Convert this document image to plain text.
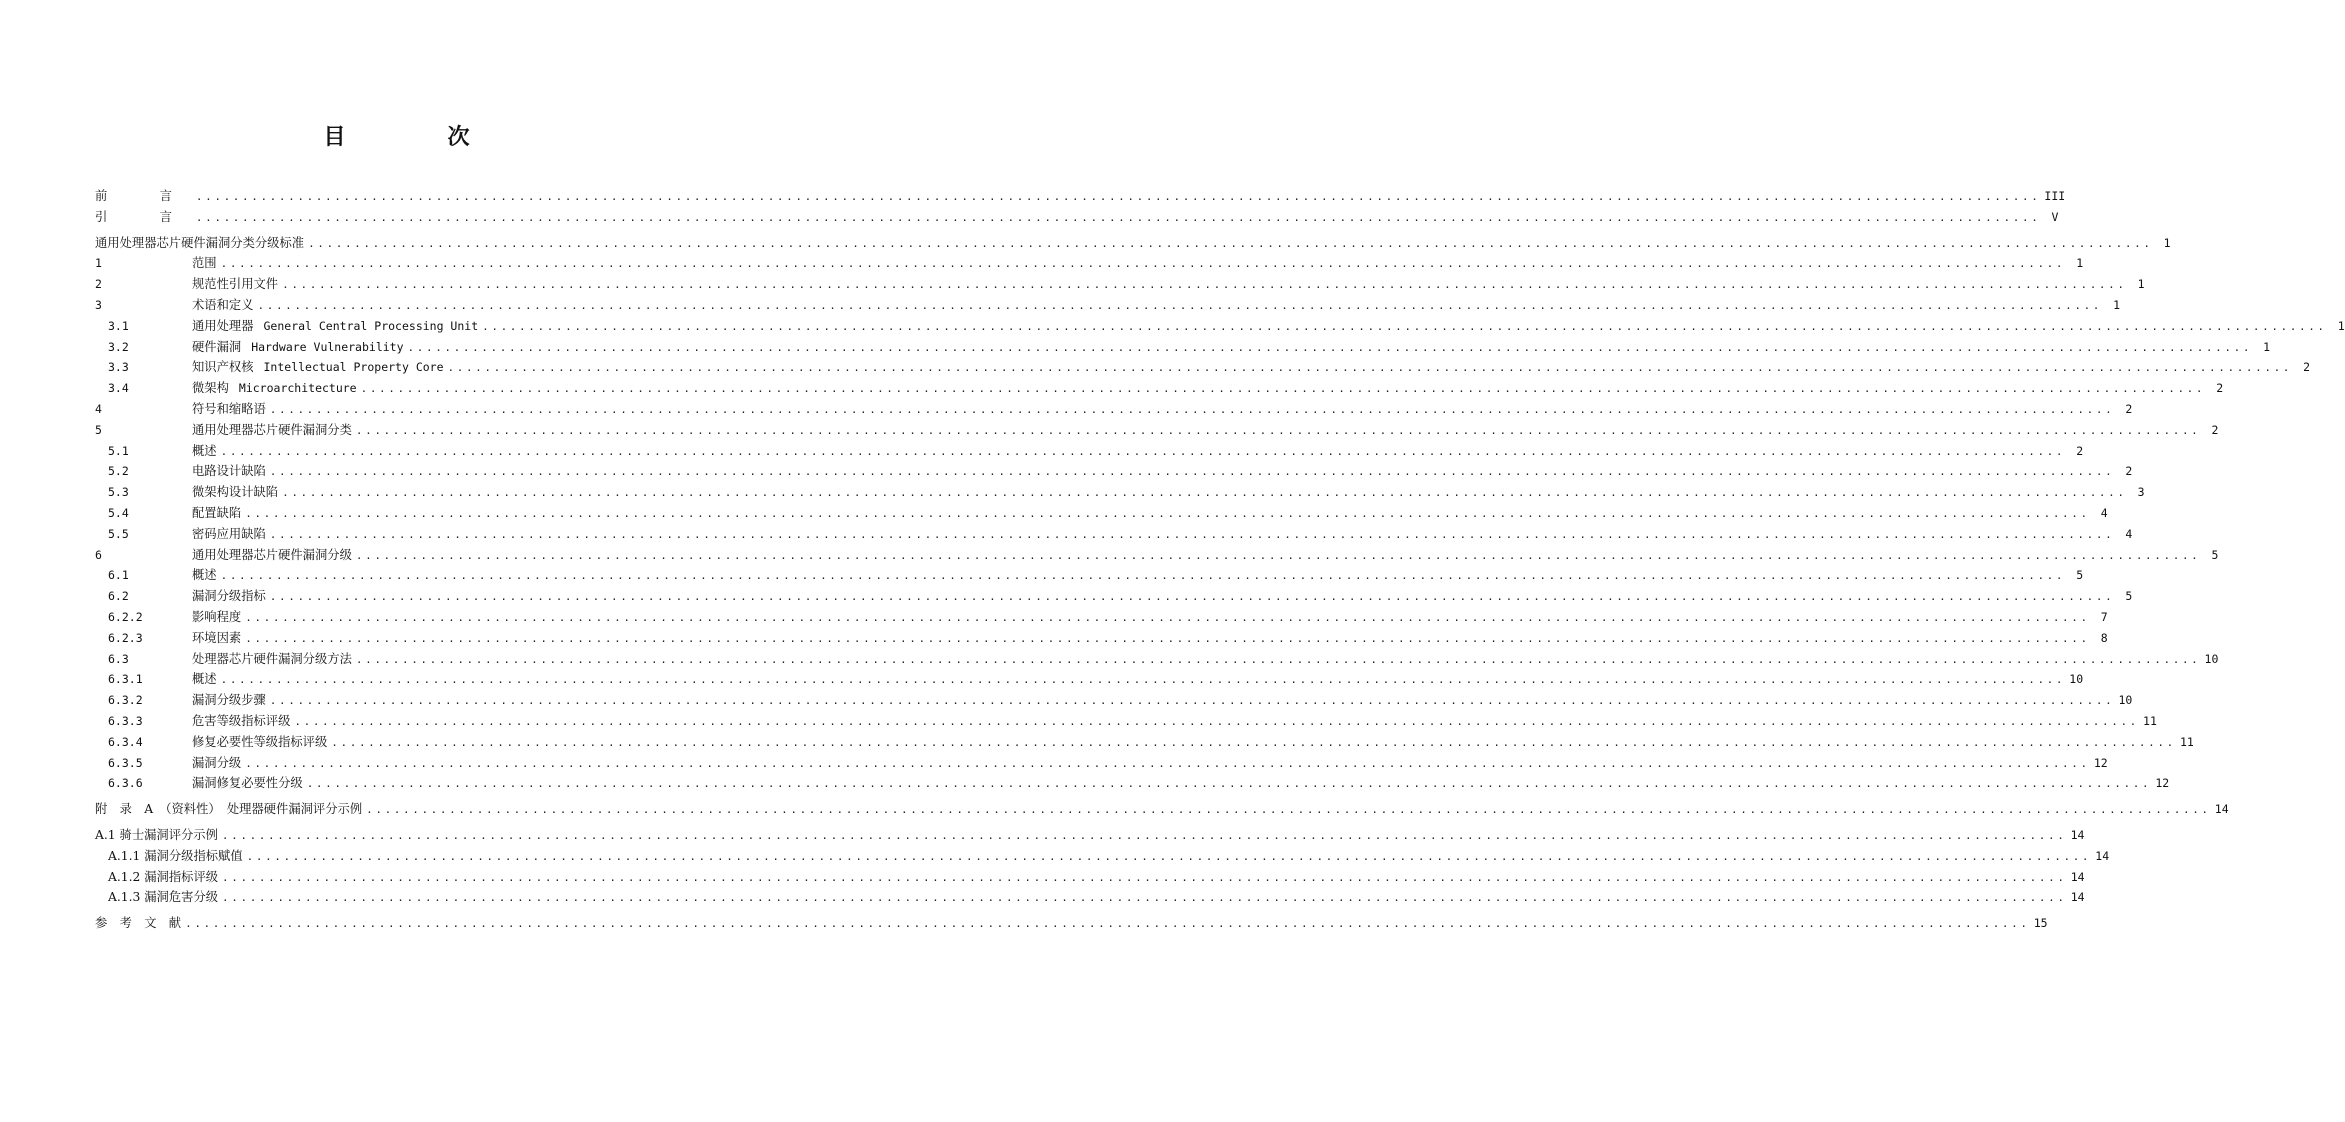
目　次
前　言 ........................................................................................................................................................................................................ III
引　言 ........................................................................................................................................................................................................ V
通用处理器芯片硬件漏洞分类分级标准 ........................................................................................................................................................................................................ 1
1	范围 ........................................................................................................................................................................................................ 1
2	规范性引用文件 ........................................................................................................................................................................................................ 1
3	术语和定义 ........................................................................................................................................................................................................ 1
3.1	通用处理器 General Central Processing Unit ........................................................................................................................................................................................................ 1
3.2	硬件漏洞 Hardware Vulnerability ........................................................................................................................................................................................................ 1
3.3	知识产权核 Intellectual Property Core ........................................................................................................................................................................................................ 2
3.4	微架构 Microarchitecture ........................................................................................................................................................................................................ 2
4	符号和缩略语 ........................................................................................................................................................................................................ 2
5	通用处理器芯片硬件漏洞分类 ........................................................................................................................................................................................................ 2
5.1	概述 ........................................................................................................................................................................................................ 2
5.2	电路设计缺陷 ........................................................................................................................................................................................................ 2
5.3	微架构设计缺陷 ........................................................................................................................................................................................................ 3
5.4	配置缺陷 ........................................................................................................................................................................................................ 4
5.5	密码应用缺陷 ........................................................................................................................................................................................................ 4
6	通用处理器芯片硬件漏洞分级 ........................................................................................................................................................................................................ 5
6.1	概述 ........................................................................................................................................................................................................ 5
6.2	漏洞分级指标 ........................................................................................................................................................................................................ 5
6.2.2	影响程度 ........................................................................................................................................................................................................ 7
6.2.3	环境因素 ........................................................................................................................................................................................................ 8
6.3	处理器芯片硬件漏洞分级方法 ........................................................................................................................................................................................................ 10
6.3.1	概述 ........................................................................................................................................................................................................ 10
6.3.2	漏洞分级步骤 ........................................................................................................................................................................................................ 10
6.3.3	危害等级指标评级 ........................................................................................................................................................................................................ 11
6.3.4	修复必要性等级指标评级 ........................................................................................................................................................................................................ 11
6.3.5	漏洞分级 ........................................................................................................................................................................................................ 12
6.3.6	漏洞修复必要性分级 ........................................................................................................................................................................................................ 12
附　录　A　（资料性）　处理器硬件漏洞评分示例 ........................................................................................................................................................................................................ 14
A.1 骑士漏洞评分示例 ........................................................................................................................................................................................................ 14
A.1.1 漏洞分级指标赋值 ........................................................................................................................................................................................................ 14
A.1.2 漏洞指标评级 ........................................................................................................................................................................................................ 14
A.1.3 漏洞危害分级 ........................................................................................................................................................................................................ 14
参　考　文　献 ........................................................................................................................................................................................................ 15
